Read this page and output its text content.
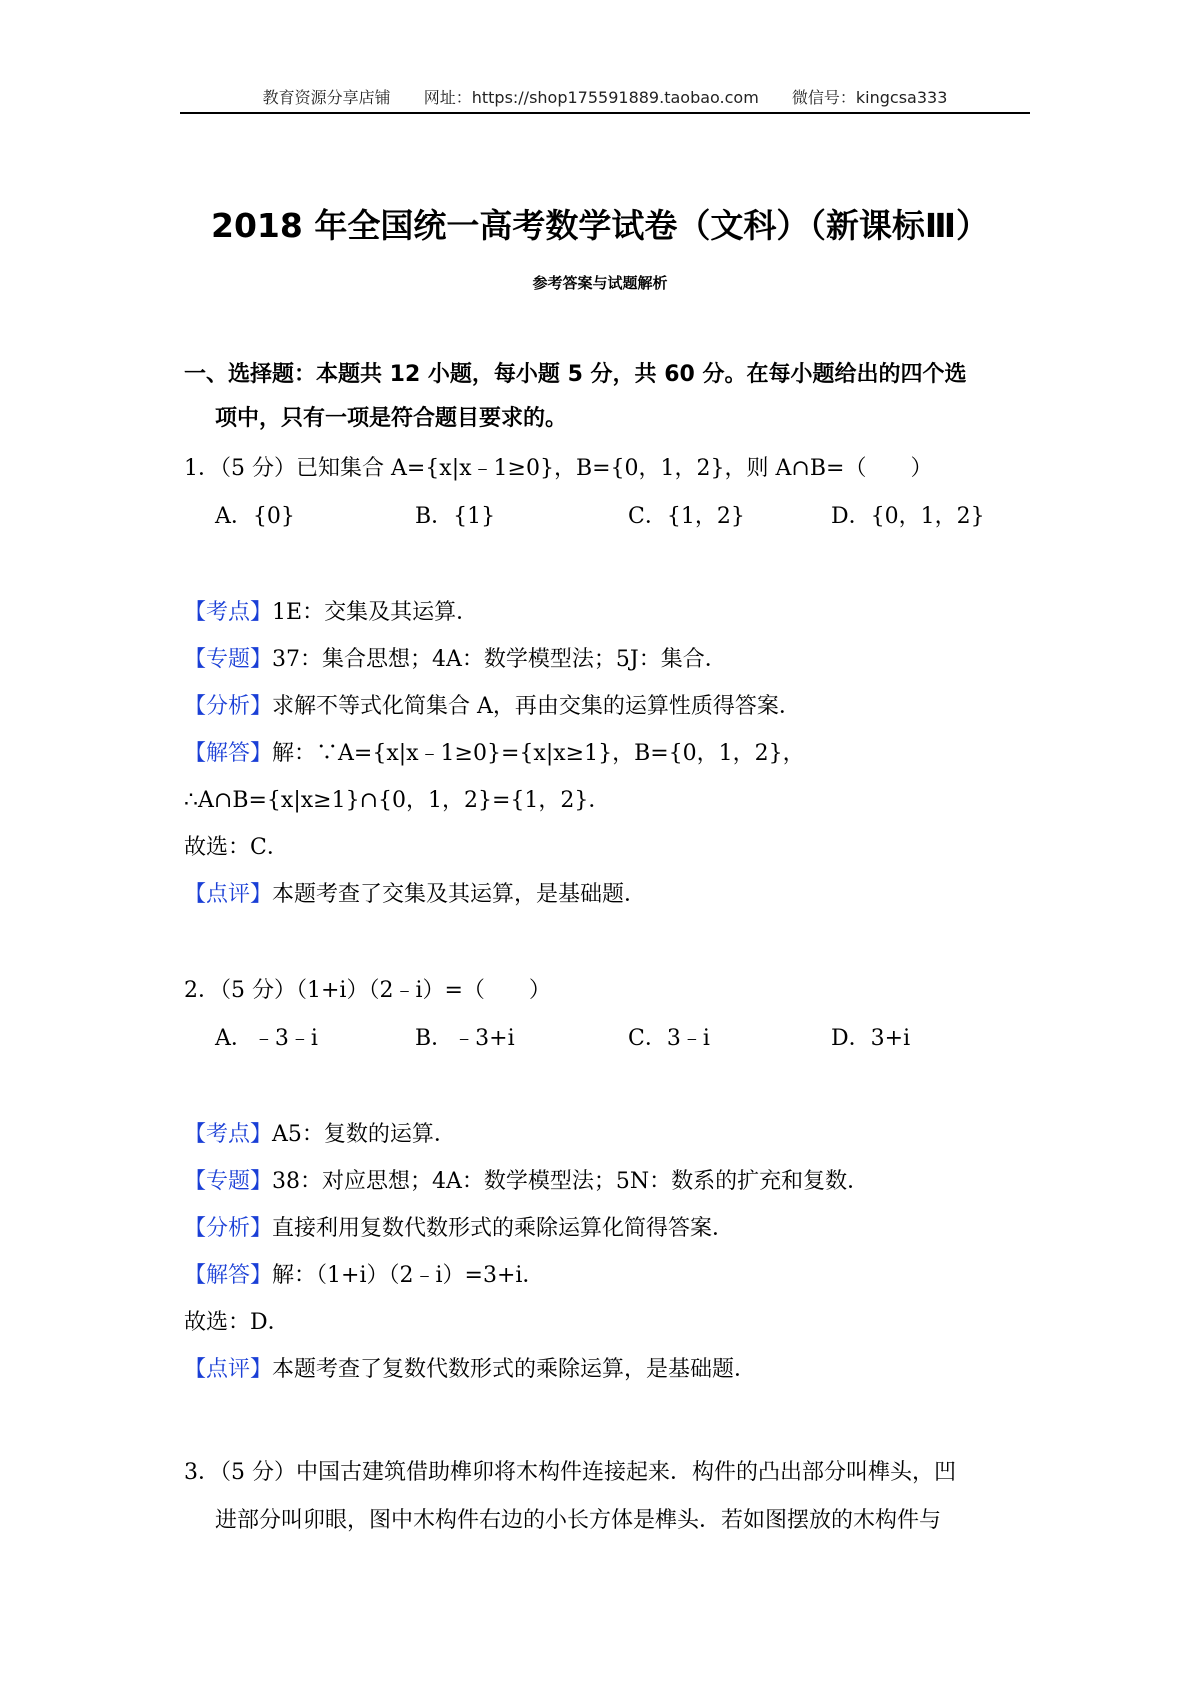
教育资源分享店铺 网址：https://shop175591889.taobao.com 微信号：kingcsa333
2018 年全国统一高考数学试卷（文科）（新课标Ⅲ）
参考答案与试题解析
一、选择题：本题共 12 小题，每小题 5 分，共 60 分。在每小题给出的四个选
项中，只有一项是符合题目要求的。
1．（5 分）已知集合 A={x|x﹣1≥0}，B={0，1，2}，则 A∩B=（　　）
A．{0}	B．{1}	C．{1，2}	D．{0，1，2}
【考点】1E：交集及其运算．
【专题】37：集合思想；4A：数学模型法；5J：集合．
【分析】求解不等式化简集合 A，再由交集的运算性质得答案．
【解答】解：∵A={x|x﹣1≥0}={x|x≥1}，B={0，1，2}，
∴A∩B={x|x≥1}∩{0，1，2}={1，2}．
故选：C．
【点评】本题考查了交集及其运算，是基础题．
2．（5 分）（1+i）（2﹣i）=（　　）
A．﹣3﹣i	B．﹣3+i	C．3﹣i	D．3+i
【考点】A5：复数的运算．
【专题】38：对应思想；4A：数学模型法；5N：数系的扩充和复数．
【分析】直接利用复数代数形式的乘除运算化简得答案．
【解答】解：（1+i）（2﹣i）=3+i．
故选：D．
【点评】本题考查了复数代数形式的乘除运算，是基础题．
3．（5 分）中国古建筑借助榫卯将木构件连接起来．构件的凸出部分叫榫头，凹
进部分叫卯眼，图中木构件右边的小长方体是榫头．若如图摆放的木构件与
